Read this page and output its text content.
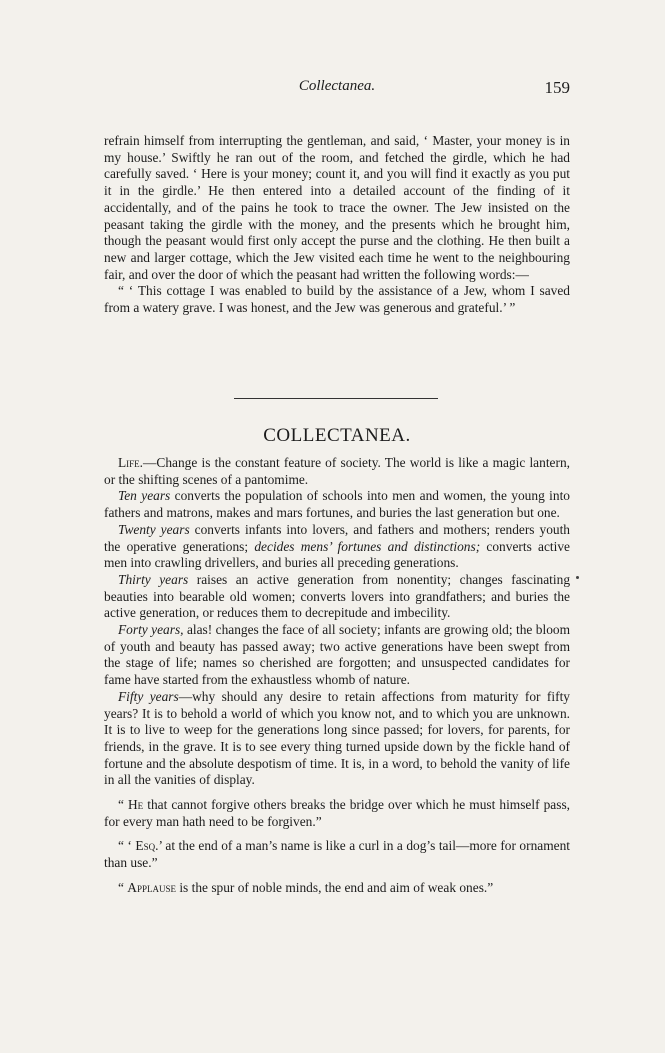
Collectanea.	159

refrain himself from interrupting the gentleman, and said, ‘ Master, your money is in my house.’ Swiftly he ran out of the room, and fetched the girdle, which he had carefully saved. ‘ Here is your money; count it, and you will find it exactly as you put it in the girdle.’ He then entered into a detailed account of the finding of it accidentally, and of the pains he took to trace the owner. The Jew insisted on the peasant taking the girdle with the money, and the presents which he brought him, though the peasant would first only accept the purse and the clothing. He then built a new and larger cottage, which the Jew visited each time he went to the neighbouring fair, and over the door of which the peasant had written the following words:—

“ ‘ This cottage I was enabled to build by the assistance of a Jew, whom I saved from a watery grave. I was honest, and the Jew was generous and grateful.’ ”

COLLECTANEA.

Life.—Change is the constant feature of society. The world is like a magic lantern, or the shifting scenes of a pantomime.

Ten years converts the population of schools into men and women, the young into fathers and matrons, makes and mars fortunes, and buries the last generation but one.

Twenty years converts infants into lovers, and fathers and mothers; renders youth the operative generations; decides mens’ fortunes and distinctions; converts active men into crawling drivellers, and buries all preceding generations.

Thirty years raises an active generation from nonentity; changes fascinating beauties into bearable old women; converts lovers into grandfathers; and buries the active generation, or reduces them to decrepitude and imbecility.

Forty years, alas! changes the face of all society; infants are growing old; the bloom of youth and beauty has passed away; two active generations have been swept from the stage of life; names so cherished are forgotten; and unsuspected candidates for fame have started from the exhaustless whomb of nature.

Fifty years—why should any desire to retain affections from maturity for fifty years? It is to behold a world of which you know not, and to which you are unknown. It is to live to weep for the generations long since passed; for lovers, for parents, for friends, in the grave. It is to see every thing turned upside down by the fickle hand of fortune and the absolute despotism of time. It is, in a word, to behold the vanity of life in all the vanities of display.

“ He that cannot forgive others breaks the bridge over which he must himself pass, for every man hath need to be forgiven.”

“ ‘ Esq.’ at the end of a man’s name is like a curl in a dog’s tail—more for ornament than use.”

“ Applause is the spur of noble minds, the end and aim of weak ones.”
